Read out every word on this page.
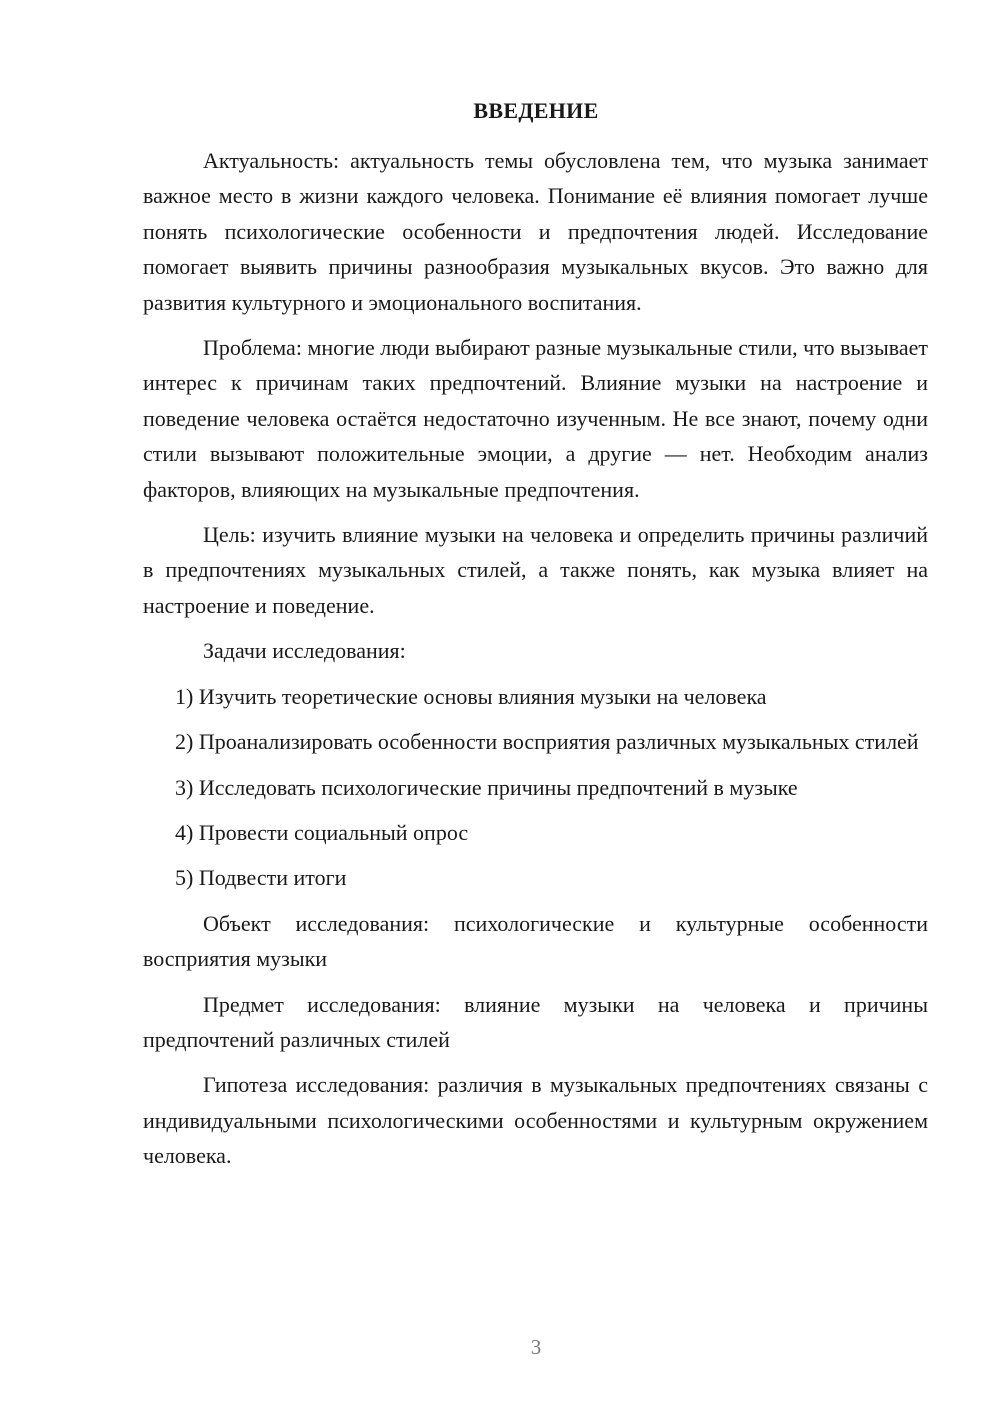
ВВЕДЕНИЕ

Актуальность: актуальность темы обусловлена тем, что музыка занимает важное место в жизни каждого человека. Понимание её влияния помогает лучше понять психологические особенности и предпочтения людей. Исследование помогает выявить причины разнообразия музыкальных вкусов. Это важно для развития культурного и эмоционального воспитания.

Проблема: многие люди выбирают разные музыкальные стили, что вызывает интерес к причинам таких предпочтений. Влияние музыки на настроение и поведение человека остаётся недостаточно изученным. Не все знают, почему одни стили вызывают положительные эмоции, а другие — нет. Необходим анализ факторов, влияющих на музыкальные предпочтения.

Цель: изучить влияние музыки на человека и определить причины различий в предпочтениях музыкальных стилей, а также понять, как музыка влияет на настроение и поведение.

Задачи исследования:

1) Изучить теоретические основы влияния музыки на человека

2) Проанализировать особенности восприятия различных музыкальных стилей

3) Исследовать психологические причины предпочтений в музыке

4) Провести социальный опрос

5) Подвести итоги

Объект исследования: психологические и культурные особенности восприятия музыки

Предмет исследования: влияние музыки на человека и причины предпочтений различных стилей

Гипотеза исследования: различия в музыкальных предпочтениях связаны с индивидуальными психологическими особенностями и культурным окружением человека.

3
